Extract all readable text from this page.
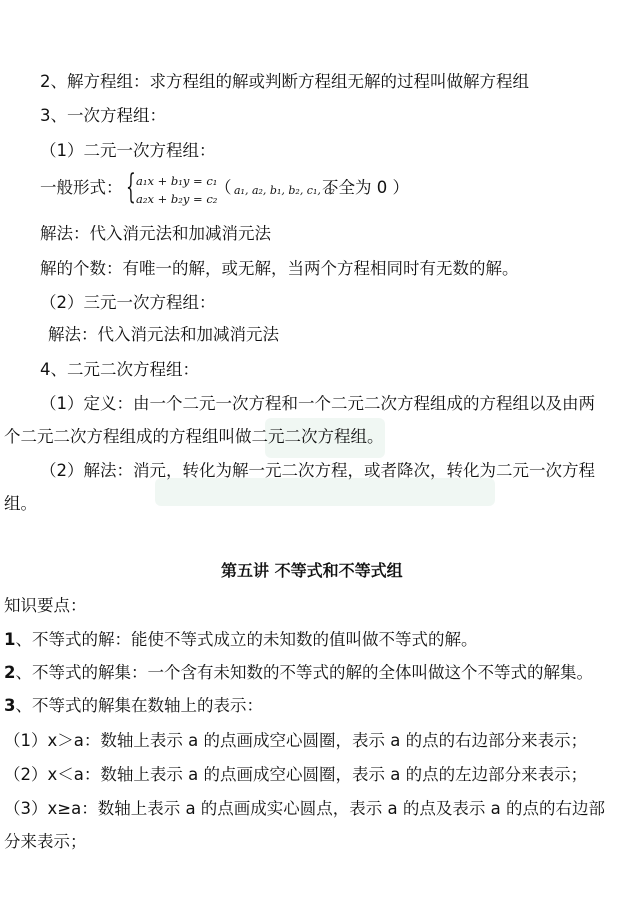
2、解方程组：求方程组的解或判断方程组无解的过程叫做解方程组
3、一次方程组：
（1）二元一次方程组：
一般形式： { a₁x + b₁y = c₁
a₂x + b₂y = c₂
（ a₁, a₂, b₁, b₂, c₁, c₂
不全为 0 ）
解法：代入消元法和加减消元法
解的个数：有唯一的解，或无解，当两个方程相同时有无数的解。
（2）三元一次方程组：
解法：代入消元法和加减消元法
4、二元二次方程组：
（1）定义：由一个二元一次方程和一个二元二次方程组成的方程组以及由两
个二元二次方程组成的方程组叫做二元二次方程组。
（2）解法：消元，转化为解一元二次方程，或者降次，转化为二元一次方程
组。
第五讲 不等式和不等式组
知识要点：
1、不等式的解：能使不等式成立的未知数的值叫做不等式的解。
2、不等式的解集：一个含有未知数的不等式的解的全体叫做这个不等式的解集。
3、不等式的解集在数轴上的表示：
（1）x＞a：数轴上表示 a 的点画成空心圆圈，表示 a 的点的右边部分来表示；
（2）x＜a：数轴上表示 a 的点画成空心圆圈，表示 a 的点的左边部分来表示；
（3）x≥a：数轴上表示 a 的点画成实心圆点，表示 a 的点及表示 a 的点的右边部
分来表示；
